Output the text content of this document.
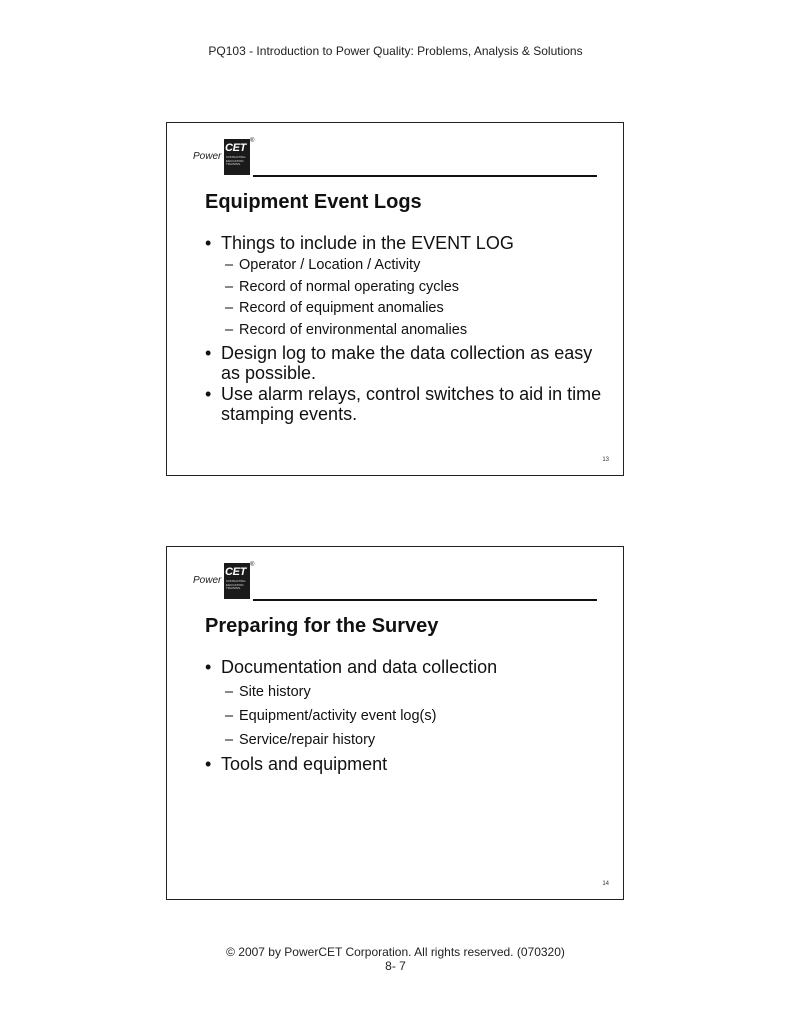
PQ103 - Introduction to Power Quality: Problems, Analysis & Solutions
Power
CET
CONSULTING EDUCATION TRAINING
®
Equipment Event Logs
• Things to include in the EVENT LOG
– Operator / Location / Activity
– Record of normal operating cycles
– Record of equipment anomalies
– Record of environmental anomalies
• Design log to make the data collection as easy as possible.
• Use alarm relays, control switches to aid in time stamping events.
13
Power
CET
CONSULTING EDUCATION TRAINING
®
Preparing for the Survey
• Documentation and data collection
– Site history
– Equipment/activity event log(s)
– Service/repair history
• Tools and equipment
14
© 2007 by PowerCET Corporation. All rights reserved. (070320)
8- 7
